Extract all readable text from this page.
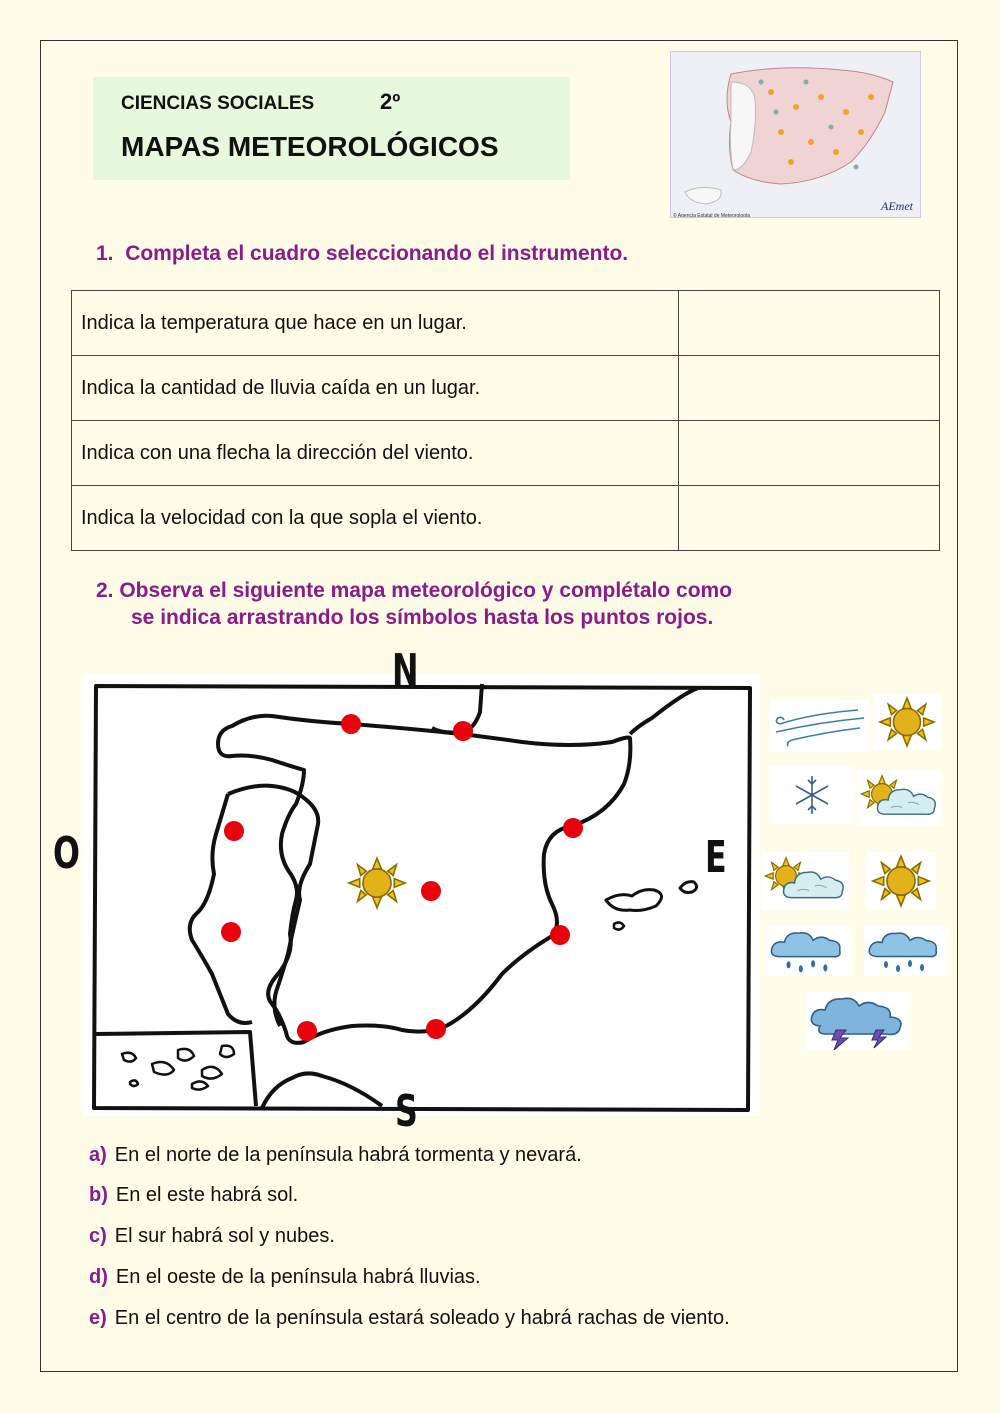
CIENCIAS SOCIALES	2º
MAPAS METEOROLÓGICOS
AEmet
© Agencia Estatal de Meteorología
1. Completa el cuadro seleccionando el instrumento.
Indica la temperatura que hace en un lugar.	
Indica la cantidad de lluvia caída en un lugar.	
Indica con una flecha la dirección del viento.	
Indica la velocidad con la que sopla el viento.	
2. Observa el siguiente mapa meteorológico y complétalo como
se indica arrastrando los símbolos hasta los puntos rojos.
N
S
E
O
a) En el norte de la península habrá tormenta y nevará.
b) En el este habrá sol.
c) El sur habrá sol y nubes.
d) En el oeste de la península habrá lluvias.
e) En el centro de la península estará soleado y habrá rachas de viento.
